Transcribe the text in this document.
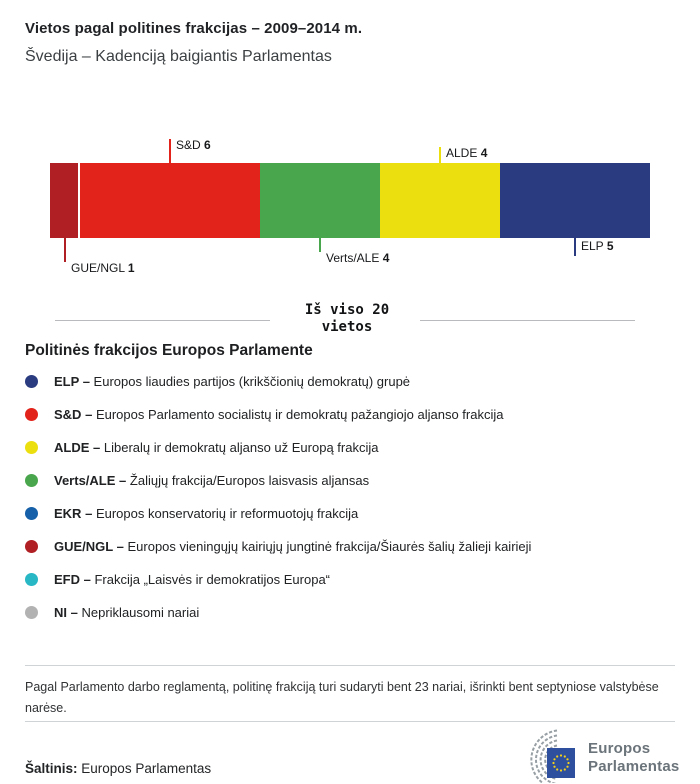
Vietos pagal politines frakcijas – 2009–2014 m.
Švedija – Kadenciją baigiantis Parlamentas
GUE/NGL 1
S&D 6
Verts/ALE 4
ALDE 4
ELP 5
Iš viso 20
vietos
Politinės frakcijos Europos Parlamente
ELP – Europos liaudies partijos (krikščionių demokratų) grupė
S&D – Europos Parlamento socialistų ir demokratų pažangiojo aljanso frakcija
ALDE – Liberalų ir demokratų aljanso už Europą frakcija
Verts/ALE – Žaliųjų frakcija/Europos laisvasis aljansas
EKR – Europos konservatorių ir reformuotojų frakcija
GUE/NGL – Europos vieningųjų kairiųjų jungtinė frakcija/Šiaurės šalių žalieji kairieji
EFD – Frakcija „Laisvės ir demokratijos Europa“
NI – Nepriklausomi nariai
Pagal Parlamento darbo reglamentą, politinę frakciją turi sudaryti bent 23 nariai, išrinkti bent septyniose valstybėse narėse.
Šaltinis: Europos Parlamentas
Europos
Parlamentas
